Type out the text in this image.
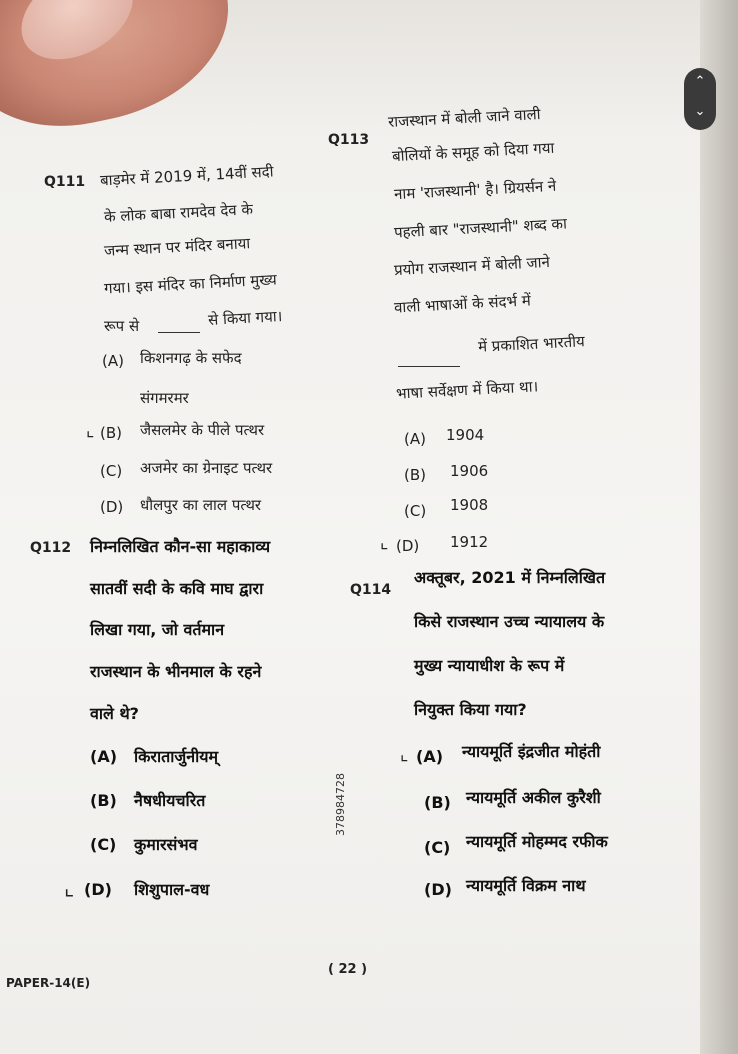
Q111 बाड़मेर में 2019 में, 14वीं सदी
के लोक बाबा रामदेव देव के
जन्म स्थान पर मंदिर बनाया
गया। इस मंदिर का निर्माण मुख्य
रूप से	से किया गया।
(A) किशनगढ़ के सफेद
संगमरमर
⌞ (B) जैसलमेर के पीले पत्थर
(C) अजमेर का ग्रेनाइट पत्थर
(D) धौलपुर का लाल पत्थर
Q112 निम्नलिखित कौन-सा महाकाव्य
सातवीं सदी के कवि माघ द्वारा
लिखा गया, जो वर्तमान
राजस्थान के भीनमाल के रहने
वाले थे?
(A) किरातार्जुनीयम्
(B) नैषधीयचरित
(C) कुमारसंभव
⌞ (D) शिशुपाल-वध
Q113
राजस्थान में बोली जाने वाली
बोलियों के समूह को दिया गया
नाम 'राजस्थानी' है। ग्रियर्सन ने
पहली बार "राजस्थानी" शब्द का
प्रयोग राजस्थान में बोली जाने
वाली भाषाओं के संदर्भ में
में प्रकाशित भारतीय
भाषा सर्वेक्षण में किया था।
(A) 1904
(B) 1906
(C) 1908
⌞ (D) 1912
Q114
अक्तूबर, 2021 में निम्नलिखित
किसे राजस्थान उच्च न्यायालय के
मुख्य न्यायाधीश के रूप में
नियुक्त किया गया?
⌞ (A) न्यायमूर्ति इंद्रजीत मोहंती
(B) न्यायमूर्ति अकील कुरैशी
(C) न्यायमूर्ति मोहम्मद रफीक
(D) न्यायमूर्ति विक्रम नाथ
378984728
PAPER-14(E)
( 22 )
⌃
⌄
